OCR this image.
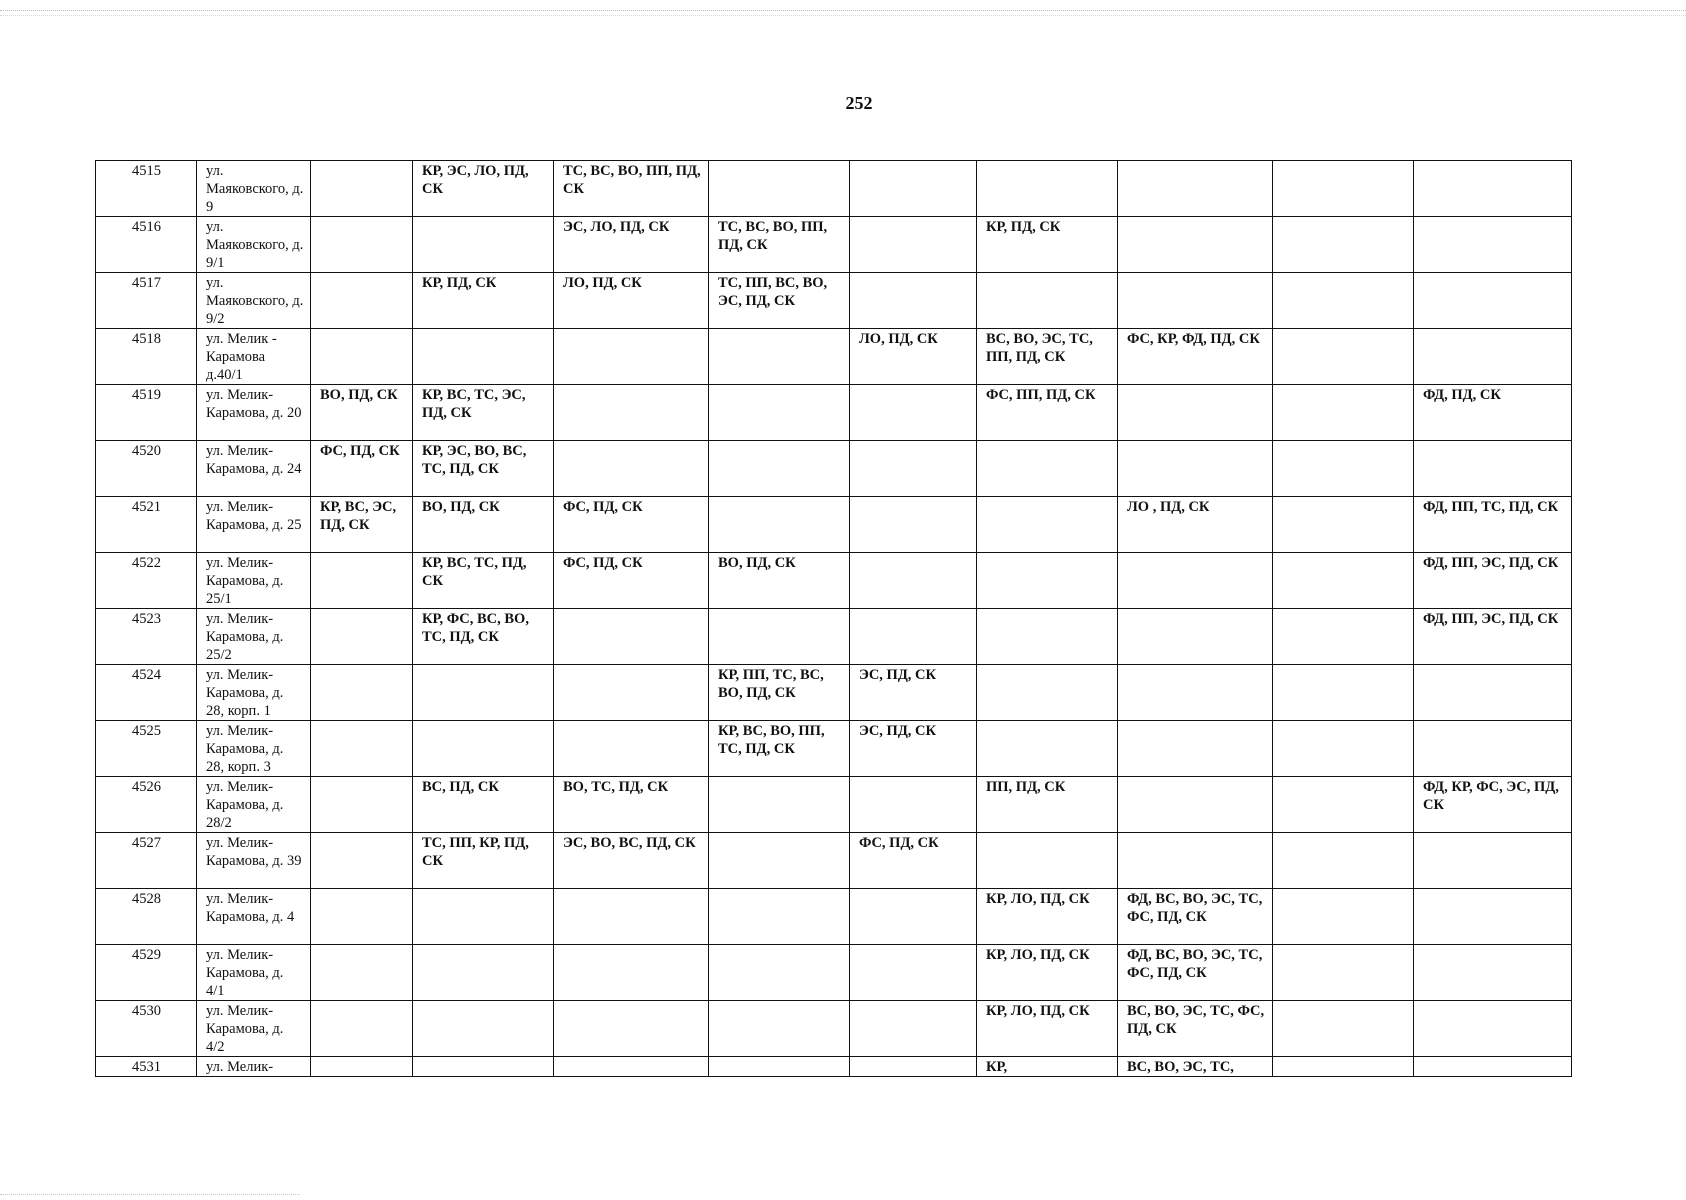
252
4515	ул. Маяковского, д. 9		КР, ЭС, ЛО, ПД, СК	ТС, ВС, ВО, ПП, ПД, СК						
4516	ул. Маяковского, д. 9/1			ЭС, ЛО, ПД, СК	ТС, ВС, ВО, ПП, ПД, СК		КР, ПД, СК			
4517	ул. Маяковского, д. 9/2		КР, ПД, СК	ЛО, ПД, СК	ТС, ПП, ВС, ВО, ЭС, ПД, СК					
4518	ул. Мелик - Карамова д.40/1					ЛО, ПД, СК	ВС, ВО, ЭС, ТС, ПП, ПД, СК	ФС, КР, ФД, ПД, СК		
4519	ул. Мелик-Карамова, д. 20	ВО, ПД, СК	КР, ВС, ТС, ЭС, ПД, СК				ФС, ПП, ПД, СК			ФД, ПД, СК
4520	ул. Мелик-Карамова, д. 24	ФС, ПД, СК	КР, ЭС, ВО, ВС, ТС, ПД, СК							
4521	ул. Мелик-Карамова, д. 25	КР, ВС, ЭС, ПД, СК	ВО, ПД, СК	ФС, ПД, СК				ЛО , ПД, СК		ФД, ПП, ТС, ПД, СК
4522	ул. Мелик-Карамова, д. 25/1		КР, ВС, ТС, ПД, СК	ФС, ПД, СК	ВО, ПД, СК					ФД, ПП, ЭС, ПД, СК
4523	ул. Мелик-Карамова, д. 25/2		КР, ФС, ВС, ВО, ТС, ПД, СК							ФД, ПП, ЭС, ПД, СК
4524	ул. Мелик-Карамова, д. 28, корп. 1				КР, ПП, ТС, ВС, ВО, ПД, СК	ЭС, ПД, СК				
4525	ул. Мелик-Карамова, д. 28, корп. 3				КР, ВС, ВО, ПП, ТС, ПД, СК	ЭС, ПД, СК				
4526	ул. Мелик-Карамова, д. 28/2		ВС, ПД, СК	ВО, ТС, ПД, СК			ПП, ПД, СК			ФД, КР, ФС, ЭС, ПД, СК
4527	ул. Мелик-Карамова, д. 39		ТС, ПП, КР, ПД, СК	ЭС, ВО, ВС, ПД, СК		ФС, ПД, СК				
4528	ул. Мелик-Карамова, д. 4						КР, ЛО, ПД, СК	ФД, ВС, ВО, ЭС, ТС, ФС, ПД, СК		
4529	ул. Мелик-Карамова, д. 4/1						КР, ЛО, ПД, СК	ФД, ВС, ВО, ЭС, ТС, ФС, ПД, СК		
4530	ул. Мелик-Карамова, д. 4/2						КР, ЛО, ПД, СК	ВС, ВО, ЭС, ТС, ФС, ПД, СК		
4531	ул. Мелик-						КР,	ВС, ВО, ЭС, ТС,		
